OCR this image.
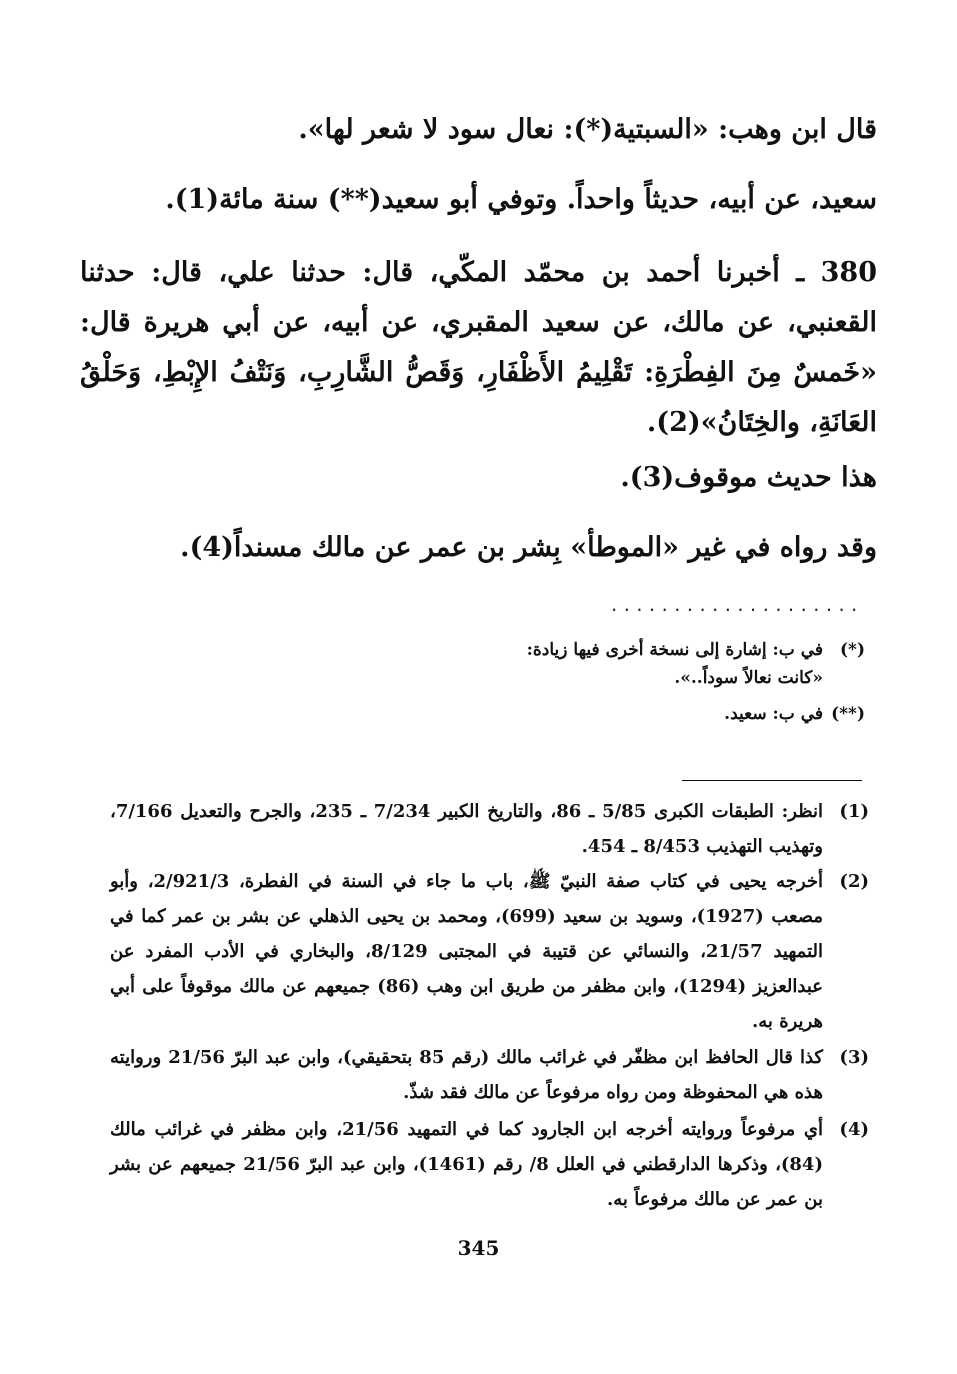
قال ابن وهب: «السبتية(*): نعال سود لا شعر لها».
سعيد، عن أبيه، حديثاً واحداً. وتوفي أبو سعيد(**) سنة مائة(1).
380 ـ أخبرنا أحمد بن محمّد المكّي، قال: حدثنا علي، قال: حدثنا القعنبي، عن مالك، عن سعيد المقبري، عن أبيه، عن أبي هريرة قال: «خَمسٌ مِنَ الفِطْرَةِ: تَقْلِيمُ الأَظْفَارِ، وَقَصُّ الشَّارِبِ، وَنَتْفُ الإِبْطِ، وَحَلْقُ العَانَةِ، والخِتَانُ»(2).
هذا حديث موقوف(3).
وقد رواه في غير «الموطأ» بِشر بن عمر عن مالك مسنداً(4).
....................
(*)في ب: إشارة إلى نسخة أخرى فيها زيادة:
«كانت نعالاً سوداً..».
(**)في ب: سعيد.
(1)
انظر: الطبقات الكبرى 5/85 ـ 86، والتاريخ الكبير 7/234 ـ 235، والجرح والتعديل 7/166، وتهذيب التهذيب 8/453 ـ 454.
(2)
أخرجه يحيى في كتاب صفة النبيّ ﷺ، باب ما جاء في السنة في الفطرة، 2/921/3، وأبو مصعب (1927)، وسويد بن سعيد (699)، ومحمد بن يحيى الذهلي عن بشر بن عمر كما في التمهيد 21/57، والنسائي عن قتيبة في المجتبى 8/129، والبخاري في الأدب المفرد عن عبدالعزيز (1294)، وابن مظفر من طريق ابن وهب (86) جميعهم عن مالك موقوفاً على أبي هريرة به.
(3)
كذا قال الحافظ ابن مظفّر في غرائب مالك (رقم 85 بتحقيقي)، وابن عبد البرّ 21/56 وروايته هذه هي المحفوظة ومن رواه مرفوعاً عن مالك فقد شذّ.
(4)
أي مرفوعاً وروايته أخرجه ابن الجارود كما في التمهيد 21/56، وابن مظفر في غرائب مالك (84)، وذكرها الدارقطني في العلل 8/ رقم (1461)، وابن عبد البرّ 21/56 جميعهم عن بشر بن عمر عن مالك مرفوعاً به.
345
